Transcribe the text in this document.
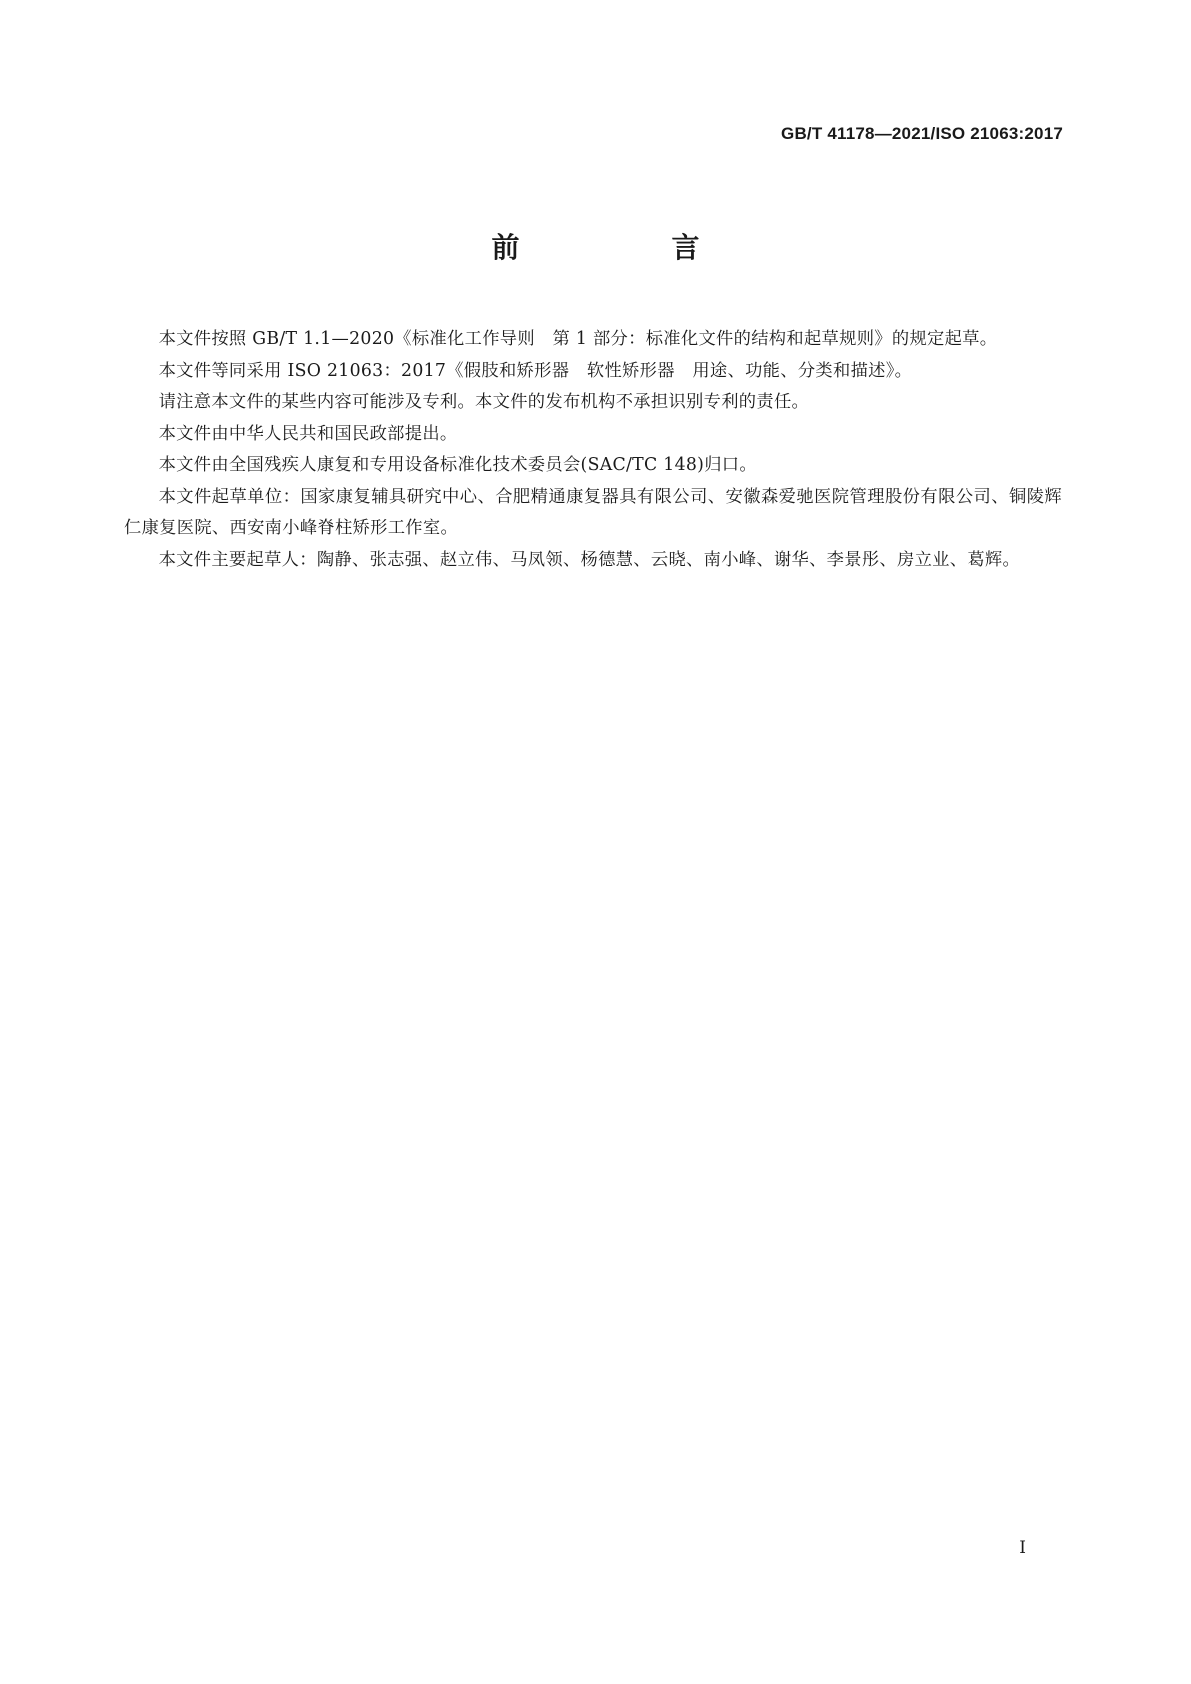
GB/T 41178—2021/ISO 21063:2017
前　言

本文件按照 GB/T 1.1—2020《标准化工作导则　第 1 部分：标准化文件的结构和起草规则》的规定起草。

本文件等同采用 ISO 21063：2017《假肢和矫形器　软性矫形器　用途、功能、分类和描述》。

请注意本文件的某些内容可能涉及专利。本文件的发布机构不承担识别专利的责任。

本文件由中华人民共和国民政部提出。

本文件由全国残疾人康复和专用设备标准化技术委员会(SAC/TC 148)归口。

本文件起草单位：国家康复辅具研究中心、合肥精通康复器具有限公司、安徽森爱驰医院管理股份有限公司、铜陵辉仁康复医院、西安南小峰脊柱矫形工作室。

本文件主要起草人：陶静、张志强、赵立伟、马凤领、杨德慧、云晓、南小峰、谢华、李景彤、房立业、葛辉。

I
